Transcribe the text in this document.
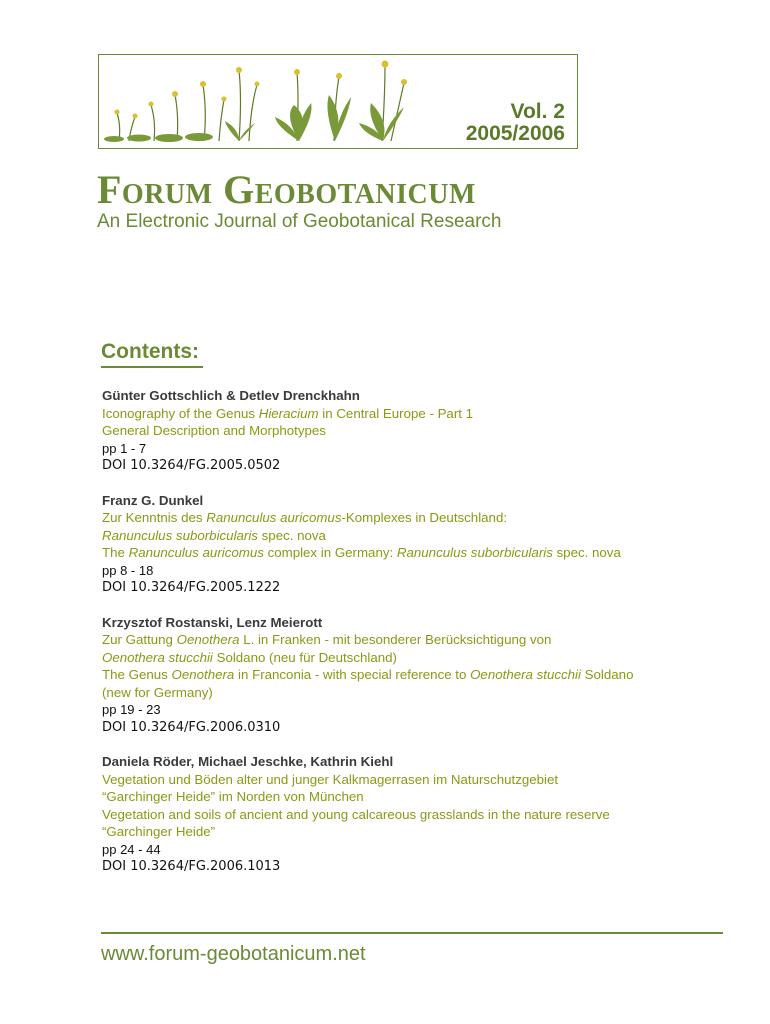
Vol. 2
2005/2006
Forum Geobotanicum
An Electronic Journal of Geobotanical Research
Contents:
Günter Gottschlich & Detlev Drenckhahn
Iconography of the Genus Hieracium in Central Europe - Part 1
General Description and Morphotypes
pp 1 - 7
DOI 10.3264/FG.2005.0502
Franz G. Dunkel
Zur Kenntnis des Ranunculus auricomus-Komplexes in Deutschland:
Ranunculus suborbicularis spec. nova
The Ranunculus auricomus complex in Germany: Ranunculus suborbicularis spec. nova
pp 8 - 18
DOI 10.3264/FG.2005.1222
Krzysztof Rostanski, Lenz Meierott
Zur Gattung Oenothera L. in Franken - mit besonderer Berücksichtigung von
Oenothera stucchii Soldano (neu für Deutschland)
The Genus Oenothera in Franconia - with special reference to Oenothera stucchii Soldano
(new for Germany)
pp 19 - 23
DOI 10.3264/FG.2006.0310
Daniela Röder, Michael Jeschke, Kathrin Kiehl
Vegetation und Böden alter und junger Kalkmagerrasen im Naturschutzgebiet
“Garchinger Heide” im Norden von München
Vegetation and soils of ancient and young calcareous grasslands in the nature reserve
“Garchinger Heide”
pp 24 - 44
DOI 10.3264/FG.2006.1013
www.forum-geobotanicum.net
